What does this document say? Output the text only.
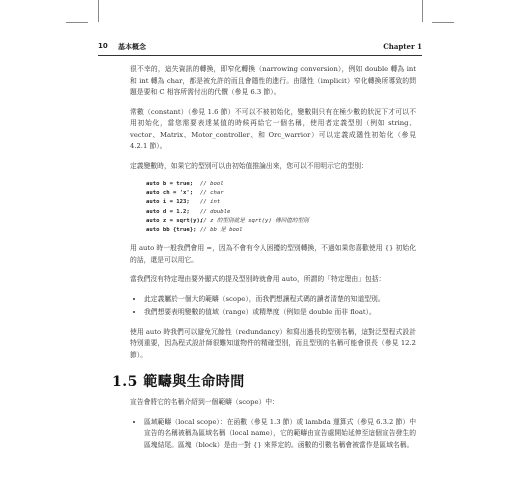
10 基本概念	Chapter 1

很不幸的，這失資訊的轉換，即窄化轉換（narrowing conversion），例如 double 轉為 int 和 int 轉為 char，都是被允許的而且會隱性的進行。由隱性（implicit）窄化轉換所導致的問題是要和 C 相容所需付出的代價（參見 6.3 節）。

常數（constant）（參見 1.6 節）不可以不被初始化，變數則只有在極少數的狀況下才可以不用初始化，當您需要表達某值的時候再給它一個名稱，使用者定義型別（例如 string、vector、Matrix、Motor_controller、和 Orc_warrior）可以定義成隱性初始化（參見 4.2.1 節）。

定義變數時，如果它的型別可以由初始值推論出來，您可以不用明示它的型別：

auto b = true;	// bool
auto ch = 'x';	// char
auto i = 123;	// int
auto d = 1.2;	// double
auto z = sqrt(y);
// z 的型別就是 sqrt(y) 傳回值的型別
auto bb {true}; // bb 是 bool

用 auto 時一般我們會用 =，因為不會有令人困擾的型別轉換，不過如果您喜歡使用 {} 初始化的話，還是可以用它。

當我們沒有特定理由要外顯式的提及型別時就會用 auto，所謂的「特定理由」包括：

• 此定義屬於一個大的範疇（scope），而我們想讓程式碼的讀者清楚的知道型別。
• 我們想要表明變數的值域（range）或精準度（例如是 double 而非 float）。

使用 auto 時我們可以避免冗餘性（redundancy）和寫出過長的型別名稱，這對泛型程式設計特別重要，因為程式設計師很難知道物件的精確型別，而且型別的名稱可能會很長（參見 12.2 節）。

1.5 範疇與生命時間

宣告會將它的名稱介紹到一個範疇（scope）中：

• 區域範疇（local scope）：在函數（參見 1.3 節）或 lambda 運算式（參見 6.3.2 節）中宣告的名稱被稱為區域名稱（local name），它的範疇由宣告處開始延伸至這個宣告發生的區塊結尾。區塊（block）是由一對 {} 來界定的。函數的引數名稱會被當作是區域名稱。
